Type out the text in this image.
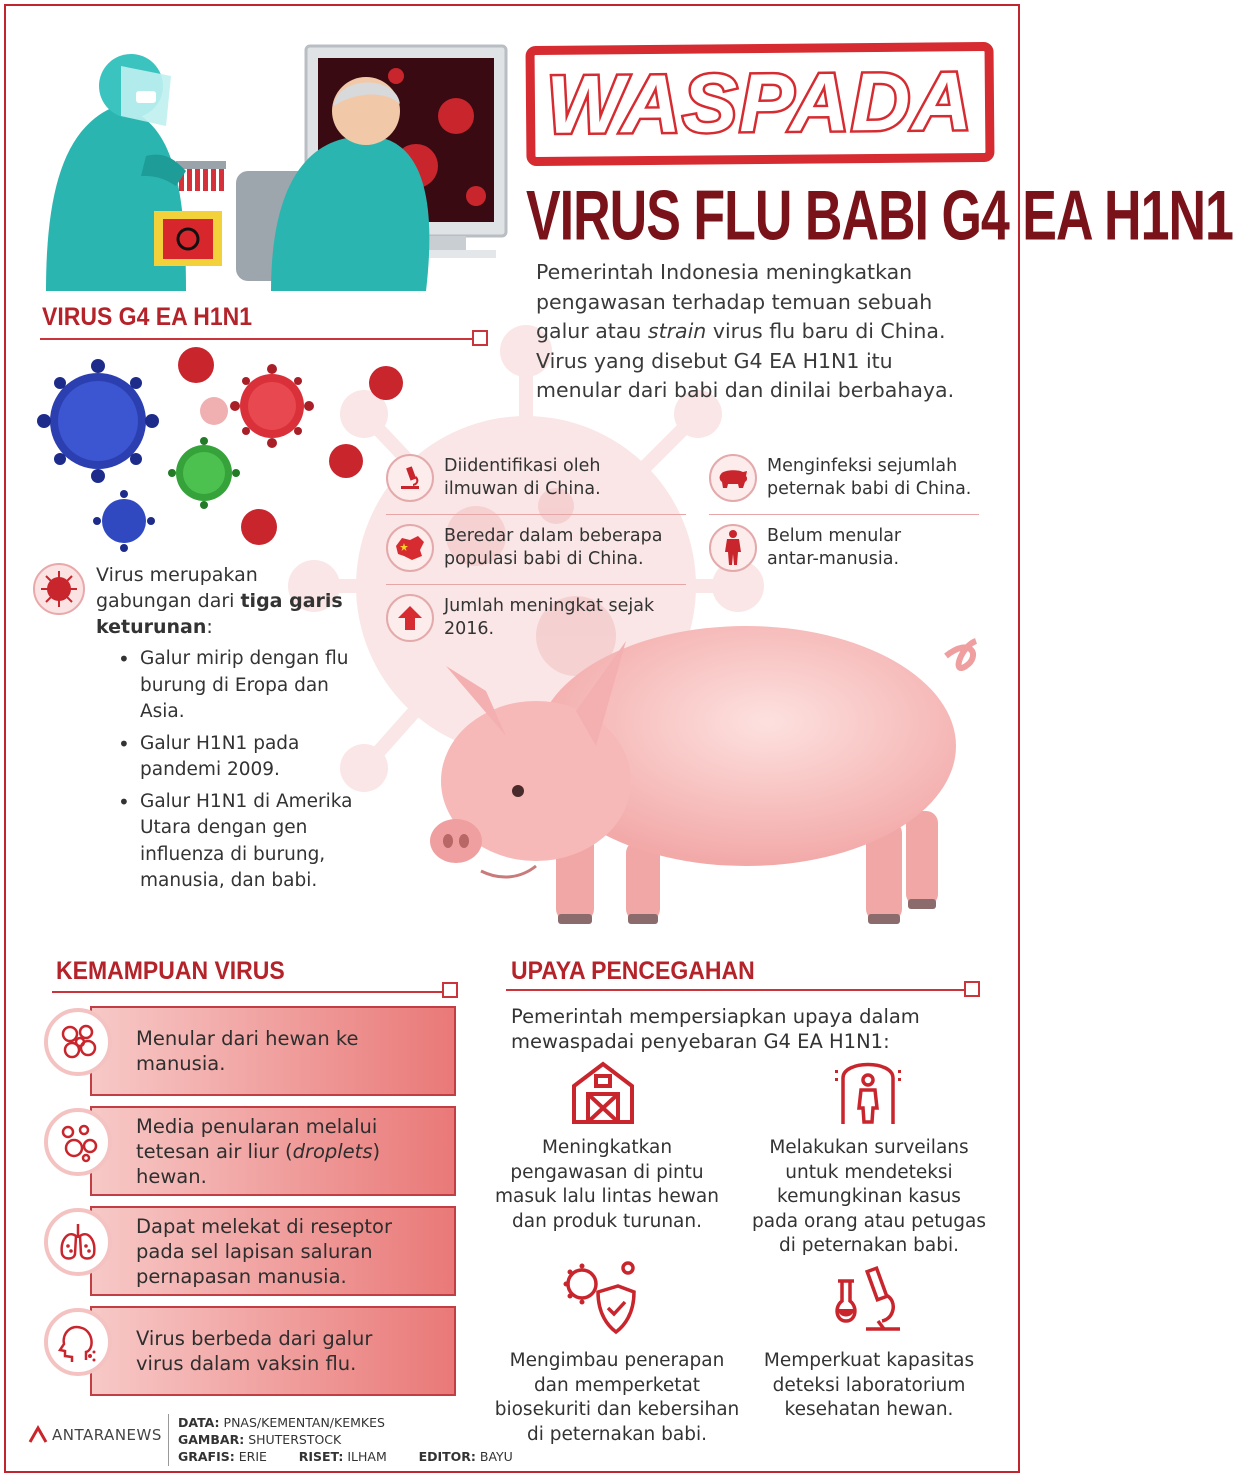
WASPADA
VIRUS FLU BABI G4 EA H1N1
Pemerintah Indonesia meningkatkan
pengawasan terhadap temuan sebuah
galur atau strain virus flu baru di China.
Virus yang disebut G4 EA H1N1 itu
menular dari babi dan dinilai berbahaya.
VIRUS G4 EA H1N1
Virus merupakan gabungan dari tiga garis keturunan:
• Galur mirip dengan flu burung di Eropa dan Asia.
• Galur H1N1 pada pandemi 2009.
• Galur H1N1 di Amerika Utara dengan gen influenza di burung, manusia, dan babi.
Diidentifikasi oleh
ilmuwan di China.
Beredar dalam beberapa
populasi babi di China.
Jumlah meningkat sejak
2016.
Menginfeksi sejumlah
peternak babi di China.
Belum menular
antar-manusia.
KEMAMPUAN VIRUS
Menular dari hewan ke
manusia.
Media penularan melalui
tetesan air liur (droplets)
hewan.
Dapat melekat di reseptor
pada sel lapisan saluran
pernapasan manusia.
Virus berbeda dari galur
virus dalam vaksin flu.
UPAYA PENCEGAHAN
Pemerintah mempersiapkan upaya dalam
mewaspadai penyebaran G4 EA H1N1:
Meningkatkan
pengawasan di pintu
masuk lalu lintas hewan
dan produk turunan.
Melakukan surveilans
untuk mendeteksi
kemungkinan kasus
pada orang atau petugas
di peternakan babi.
Mengimbau penerapan
dan memperketat
biosekuriti dan kebersihan
di peternakan babi.
Memperkuat kapasitas
deteksi laboratorium
kesehatan hewan.
ANTARANEWS
DATA: PNAS/KEMENTAN/KEMKES
GAMBAR: SHUTERSTOCK
GRAFIS: ERIE	RISET: ILHAM	EDITOR: BAYU
